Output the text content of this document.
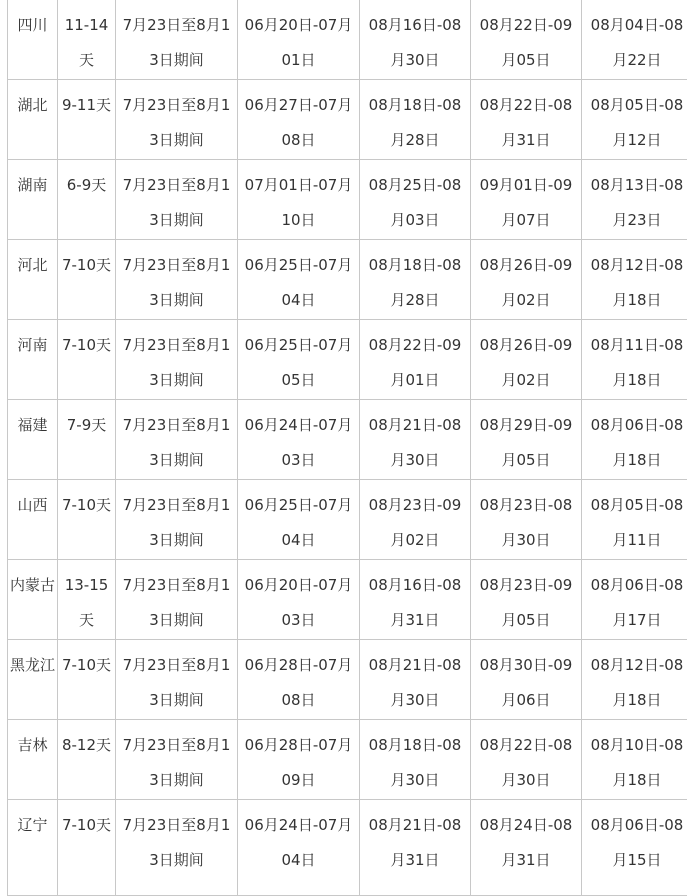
四川	11-14天	7月23日至8月13日期间	06月20日-07月01日	08月16日-08月30日	08月22日-09月05日	08月04日-08月22日
湖北	9-11天	7月23日至8月13日期间	06月27日-07月08日	08月18日-08月28日	08月22日-08月31日	08月05日-08月12日
湖南	6-9天	7月23日至8月13日期间	07月01日-07月10日	08月25日-08月03日	09月01日-09月07日	08月13日-08月23日
河北	7-10天	7月23日至8月13日期间	06月25日-07月04日	08月18日-08月28日	08月26日-09月02日	08月12日-08月18日
河南	7-10天	7月23日至8月13日期间	06月25日-07月05日	08月22日-09月01日	08月26日-09月02日	08月11日-08月18日
福建	7-9天	7月23日至8月13日期间	06月24日-07月03日	08月21日-08月30日	08月29日-09月05日	08月06日-08月18日
山西	7-10天	7月23日至8月13日期间	06月25日-07月04日	08月23日-09月02日	08月23日-08月30日	08月05日-08月11日
内蒙古	13-15天	7月23日至8月13日期间	06月20日-07月03日	08月16日-08月31日	08月23日-09月05日	08月06日-08月17日
黑龙江	7-10天	7月23日至8月13日期间	06月28日-07月08日	08月21日-08月30日	08月30日-09月06日	08月12日-08月18日
吉林	8-12天	7月23日至8月13日期间	06月28日-07月09日	08月18日-08月30日	08月22日-08月30日	08月10日-08月18日
辽宁	7-10天	7月23日至8月13日期间	06月24日-07月04日	08月21日-08月31日	08月24日-08月31日	08月06日-08月15日
